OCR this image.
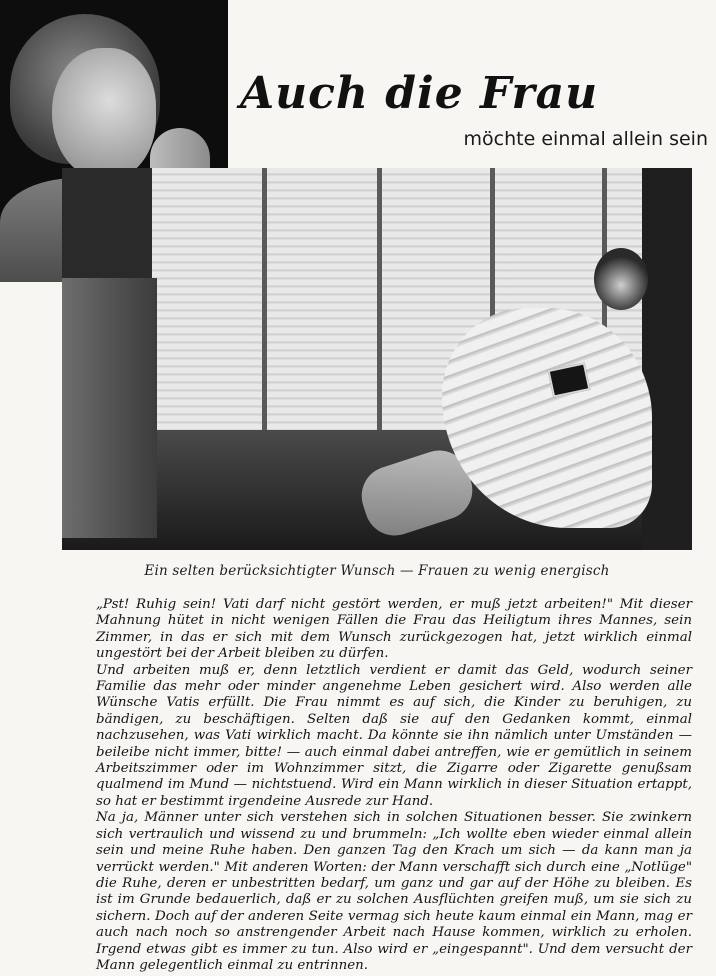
Auch die Frau
möchte einmal allein sein
Ein selten berücksichtigter Wunsch — Frauen zu wenig energisch

„Pst! Ruhig sein! Vati darf nicht gestört werden, er muß jetzt arbeiten!" Mit dieser Mahnung hütet in nicht wenigen Fällen die Frau das Heiligtum ihres Mannes, sein Zimmer, in das er sich mit dem Wunsch zurückgezogen hat, jetzt wirklich einmal ungestört bei der Arbeit bleiben zu dürfen.

Und arbeiten muß er, denn letztlich verdient er damit das Geld, wodurch seiner Familie das mehr oder minder angenehme Leben gesichert wird. Also werden alle Wünsche Vatis erfüllt. Die Frau nimmt es auf sich, die Kinder zu beruhigen, zu bändigen, zu beschäftigen. Selten daß sie auf den Gedanken kommt, einmal nachzusehen, was Vati wirklich macht. Da könnte sie ihn nämlich unter Umständen — beileibe nicht immer, bitte! — auch einmal dabei antreffen, wie er gemütlich in seinem Arbeitszimmer oder im Wohnzimmer sitzt, die Zigarre oder Zigarette genußsam qualmend im Mund — nichtstuend. Wird ein Mann wirklich in dieser Situation ertappt, so hat er bestimmt irgendeine Ausrede zur Hand.

Na ja, Männer unter sich verstehen sich in solchen Situationen besser. Sie zwinkern sich vertraulich und wissend zu und brummeln: „Ich wollte eben wieder einmal allein sein und meine Ruhe haben. Den ganzen Tag den Krach um sich — da kann man ja verrückt werden." Mit anderen Worten: der Mann verschafft sich durch eine „Notlüge" die Ruhe, deren er unbestritten bedarf, um ganz und gar auf der Höhe zu bleiben. Es ist im Grunde bedauerlich, daß er zu solchen Ausflüchten greifen muß, um sie sich zu sichern. Doch auf der anderen Seite vermag sich heute kaum einmal ein Mann, mag er auch nach noch so anstrengender Arbeit nach Hause kommen, wirklich zu erholen. Irgend etwas gibt es immer zu tun. Also wird er „eingespannt". Und dem versucht der Mann gelegentlich einmal zu entrinnen.
